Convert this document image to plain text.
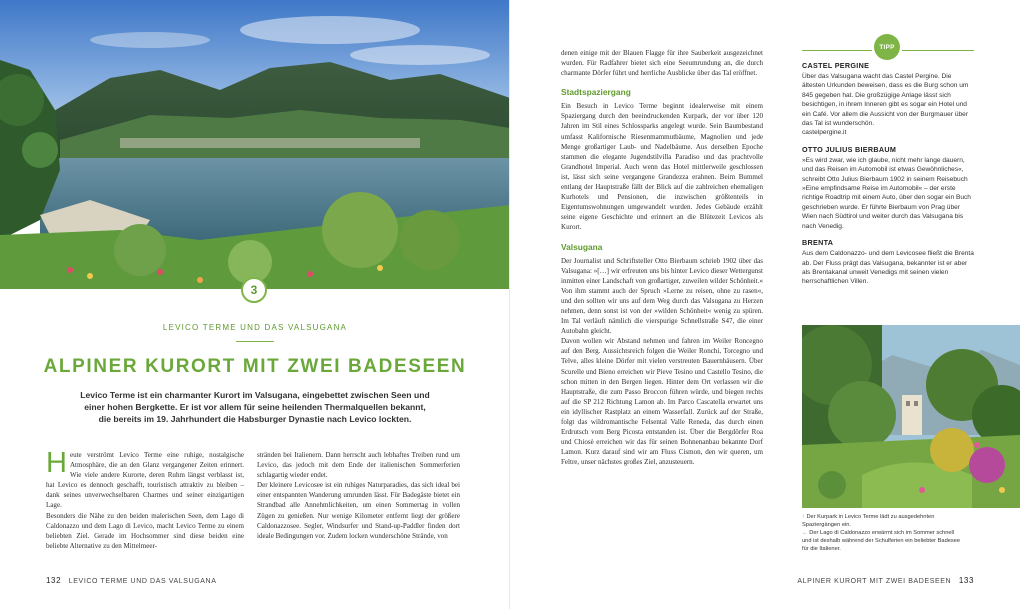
3
LEVICO TERME UND DAS VALSUGANA
ALPINER KURORT MIT ZWEI BADESEEN

Levico Terme ist ein charmanter Kurort im Valsugana, eingebettet zwischen Seen und einer hohen Bergkette. Er ist vor allem für seine heilenden Thermalquellen bekannt, die bereits im 19. Jahrhundert die Habsburger Dynastie nach Levico lockten.

Heute verströmt Levico Terme eine ruhige, nostalgische Atmosphäre, die an den Glanz vergangener Zeiten erinnert. Wie viele andere Kurorte, deren Ruhm längst verblasst ist, hat Levico es dennoch geschafft, touristisch attraktiv zu bleiben – dank seines unverwechselbaren Charmes und seiner einzigartigen Lage.

Besonders die Nähe zu den beiden malerischen Seen, dem Lago di Caldonazzo und dem Lago di Levico, macht Levico Terme zu einem beliebten Ziel. Gerade im Hochsommer sind diese beiden eine beliebte Alternative zu den Mittelmeer-

stränden bei Italienern. Dann herrscht auch lebhaftes Treiben rund um Levico, das jedoch mit dem Ende der italienischen Sommerferien schlagartig wieder endet.

Der kleinere Levicosee ist ein ruhiges Naturparadies, das sich ideal bei einer entspannten Wanderung umrunden lässt. Für Badegäste bietet ein Strandbad alle Annehmlichkeiten, um einen Sommertag in vollen Zügen zu genießen. Nur wenige Kilometer entfernt liegt der größere Caldonazzosee. Segler, Windsurfer und Stand-up-Paddler finden dort ideale Bedingungen vor. Zudem locken wunderschöne Strände, von

132 LEVICO TERME UND DAS VALSUGANA

denen einige mit der Blauen Flagge für ihre Sauberkeit ausgezeichnet wurden. Für Radfahrer bietet sich eine Seeumrundung an, die durch charmante Dörfer führt und herrliche Ausblicke über das Tal eröffnet.

Stadtspaziergang

Ein Besuch in Levico Terme beginnt idealerweise mit einem Spaziergang durch den beeindruckenden Kurpark, der vor über 120 Jahren im Stil eines Schlossparks angelegt wurde. Sein Baumbestand umfasst Kalifornische Riesenmammutbäume, Magnolien und jede Menge großartiger Laub- und Nadelbäume. Aus derselben Epoche stammen die elegante Jugendstilvilla Paradiso und das prachtvolle Grandhotel Imperial. Auch wenn das Hotel mittlerweile geschlossen ist, lässt sich seine vergangene Grandezza erahnen. Beim Bummel entlang der Hauptstraße fällt der Blick auf die zahlreichen ehemaligen Kurhotels und Pensionen, die inzwischen größtenteils in Eigentumswohnungen umgewandelt wurden. Jedes Gebäude erzählt seine eigene Geschichte und erinnert an die Blütezeit Levicos als Kurort.

Valsugana

Der Journalist und Schriftsteller Otto Bierbaum schrieb 1902 über das Valsugana: »[…] wir erfreuten uns bis hinter Levico dieser Wettergunst inmitten einer Landschaft von großartiger, zuweilen wilder Schönheit.« Von ihm stammt auch der Spruch »Lerne zu reisen, ohne zu rasen«, und den sollten wir uns auf dem Weg durch das Valsugana zu Herzen nehmen, denn sonst ist von der »wilden Schönheit« wenig zu spüren. Im Tal verläuft nämlich die vierspurige Schnellstraße S47, die einer Autobahn gleicht.

Davon wollen wir Abstand nehmen und fahren im Weiler Roncegno auf den Berg. Aussichtsreich folgen die Weiler Ronchi, Torcegno und Telve, alles kleine Dörfer mit vielen verstreuten Bauernhäusern. Über Scurelle und Bieno erreichen wir Pieve Tesino und Castello Tesino, die schon mitten in den Bergen liegen. Hinter dem Ort verlassen wir die Hauptstraße, die zum Passo Broccon führen würde, und biegen rechts auf die SP 212 Richtung Lamon ab. Im Parco Cascatella erwartet uns ein idyllischer Rastplatz an einem Wasserfall. Zurück auf der Straße, folgt das wildromantische Felsental Valle Reneda, das durch einen Erdrutsch vom Berg Picosta entstanden ist. Über die Bergdörfer Roa und Chiosè erreichen wir das für seinen Bohnenanbau bekannte Dorf Lamon. Kurz darauf sind wir am Fluss Cismon, den wir queren, um Feltre, unser nächstes großes Ziel, anzusteuern.

TIPP
CASTEL PERGINE
Über das Valsugana wacht das Castel Pergine. Die ältesten Urkunden beweisen, dass es die Burg schon um 845 gegeben hat. Die großzügige Anlage lässt sich besichtigen, in ihrem Inneren gibt es sogar ein Hotel und ein Café. Vor allem die Aussicht von der Burgmauer über das Tal ist wunderschön.
castelpergine.it
OTTO JULIUS BIERBAUM
»Es wird zwar, wie ich glaube, nicht mehr lange dauern, und das Reisen im Automobil ist etwas Gewöhnliches«, schreibt Otto Julius Bierbaum 1902 in seinem Reisebuch »Eine empfindsame Reise im Automobil« – der erste richtige Roadtrip mit einem Auto, über den sogar ein Buch geschrieben wurde. Er führte Bierbaum von Prag über Wien nach Südtirol und weiter durch das Valsugana bis nach Venedig.
BRENTA
Aus dem Caldonazzo- und dem Levicosee fließt die Brenta ab. Der Fluss prägt das Valsugana, bekannter ist er aber als Brentakanal unweit Venedigs mit seinen vielen herrschaftlichen Villen.
↑ Der Kurpark in Levico Terme lädt zu ausgedehnten Spaziergängen ein.
← Der Lago di Caldonazzo erwärmt sich im Sommer schnell und ist deshalb während der Schulferien ein beliebter Badesee für die Italiener.
ALPINER KURORT MIT ZWEI BADESEEN 133
